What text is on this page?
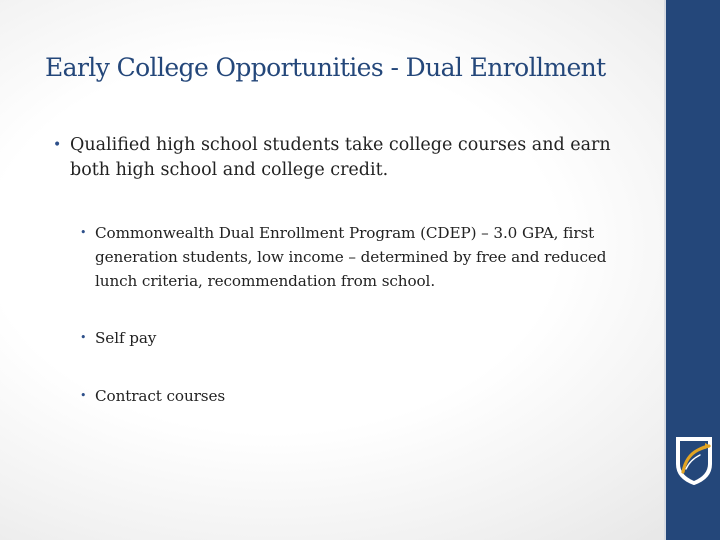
Early College Opportunities - Dual Enrollment
• Qualified high school students take college courses and earn both high school and college credit.
• Commonwealth Dual Enrollment Program (CDEP) – 3.0 GPA, first generation students, low income – determined by free and reduced lunch criteria, recommendation from school.
• Self pay
• Contract courses
